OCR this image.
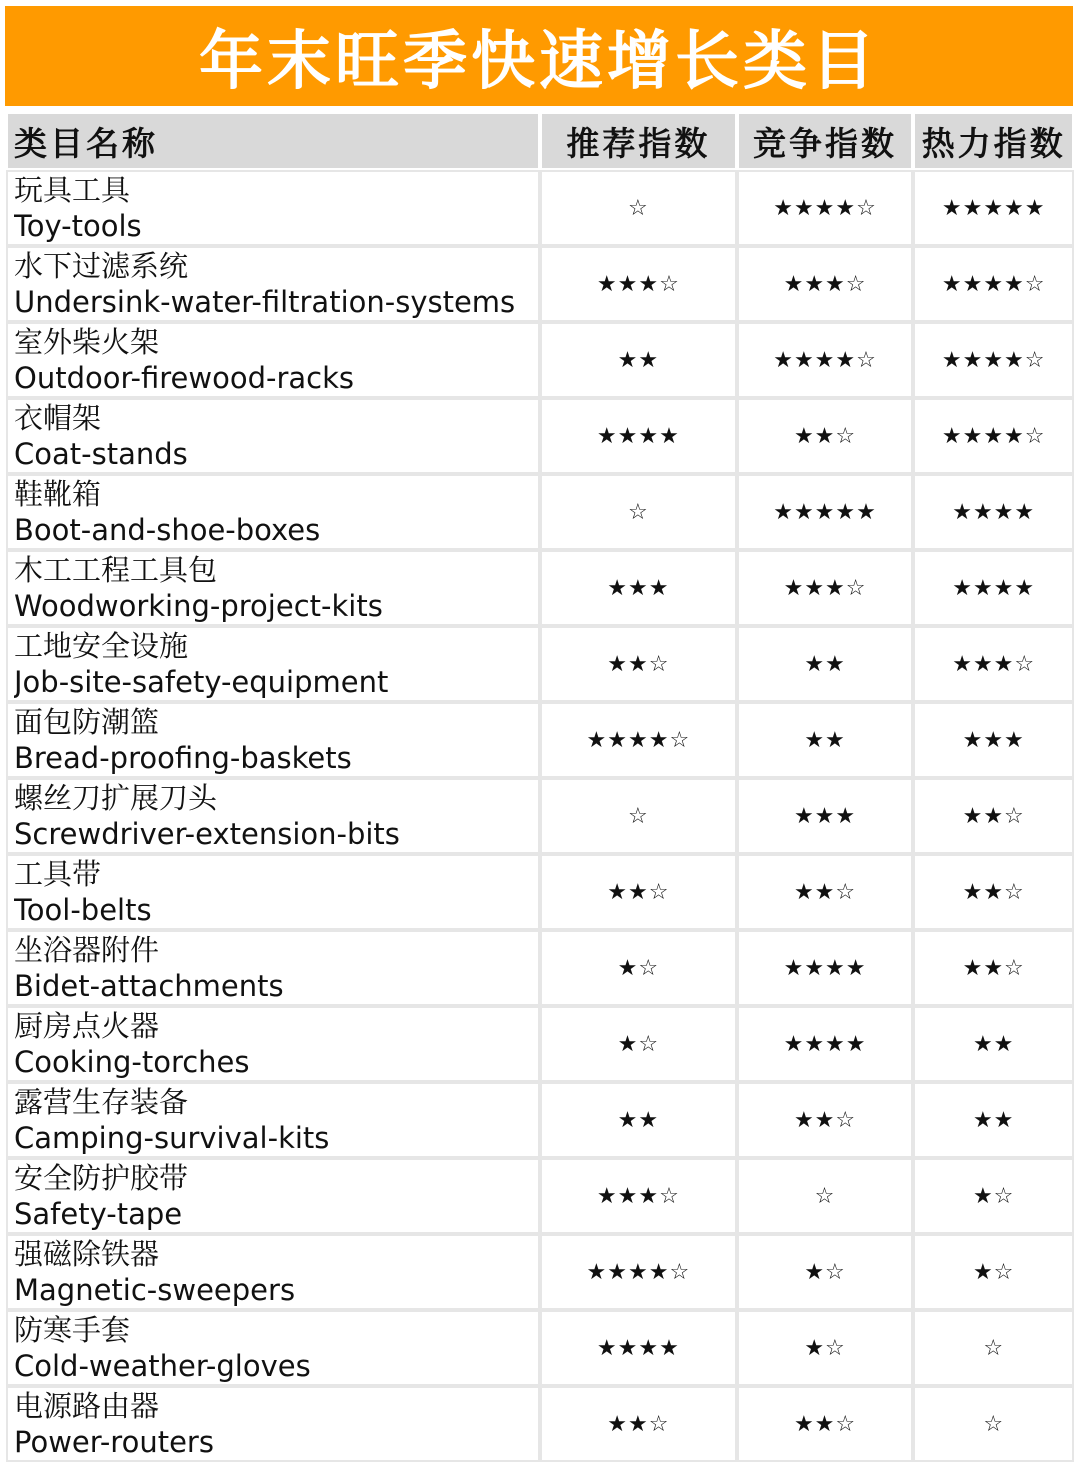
年末旺季快速增长类目
类目名称	推荐指数	竞争指数	热力指数

玩具工具
Toy-tools	☆	★★★★☆	★★★★★

水下过滤系统
Undersink-water-filtration-systems	★★★☆	★★★☆	★★★★☆

室外柴火架
Outdoor-firewood-racks	★★	★★★★☆	★★★★☆

衣帽架
Coat-stands	★★★★	★★☆	★★★★☆

鞋靴箱
Boot-and-shoe-boxes	☆	★★★★★	★★★★

木工工程工具包
Woodworking-project-kits	★★★	★★★☆	★★★★

工地安全设施
Job-site-safety-equipment	★★☆	★★	★★★☆

面包防潮篮
Bread-proofing-baskets	★★★★☆	★★	★★★

螺丝刀扩展刀头
Screwdriver-extension-bits	☆	★★★	★★☆

工具带
Tool-belts	★★☆	★★☆	★★☆

坐浴器附件
Bidet-attachments	★☆	★★★★	★★☆

厨房点火器
Cooking-torches	★☆	★★★★	★★

露营生存装备
Camping-survival-kits	★★	★★☆	★★

安全防护胶带
Safety-tape	★★★☆	☆	★☆

强磁除铁器
Magnetic-sweepers	★★★★☆	★☆	★☆

防寒手套
Cold-weather-gloves	★★★★	★☆	☆

电源路由器
Power-routers	★★☆	★★☆	☆
